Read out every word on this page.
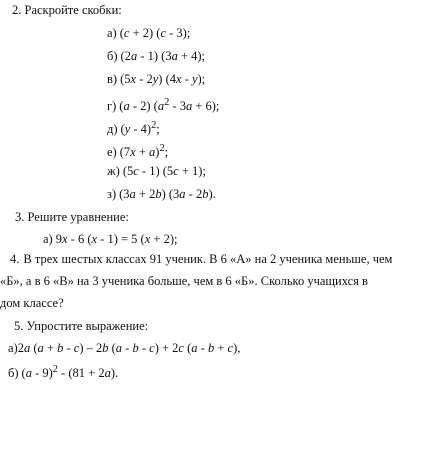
2. Раскройте скобки:
а) (c + 2) (c - 3);
б) (2a - 1) (3a + 4);
в) (5x - 2y) (4x - y);
г) (a - 2) $(a^2 - 3a + 6)$;
д) (y - 4)$^2$;
е) $(7x + a)^2$;
ж) (5c - 1) (5c + 1);
з) (3a + 2b) (3a - 2b).
3. Решите уравнение:
а) 9x - 6 (x - 1) = 5 (x + 2);
4. В трех шестых классах 91 ученик. В 6 «А» на 2 ученика меньше, чем
«Б», а в 6 «В» на 3 ученика больше, чем в 6 «Б». Сколько учащихся в
дом классе?
5. Упростите выражение:
а)2a (a + b - c) – 2b (a - b - c) + 2c (a - b + c),
б) (a - 9)$^2$ - (81 + 2a).
